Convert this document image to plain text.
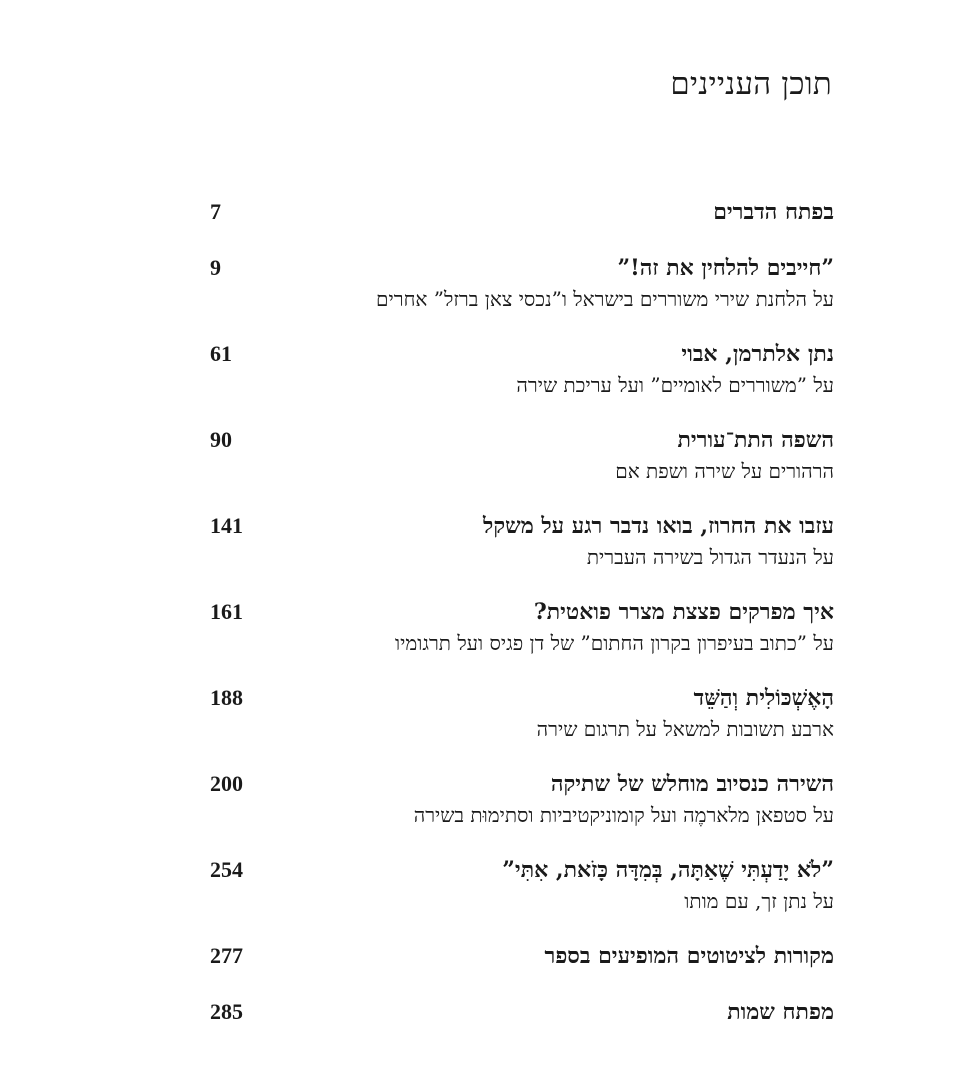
תוכן העניינים
בפתח הדברים
7
”חייבים להלחין את זה!”
על הלחנת שירי משוררים בישראל ו”נכסי צאן ברזל” אחרים
9
נתן אלתרמן, אבוי
על ”משוררים לאומיים” ועל עריכת שירה
61
השפה התת־עורית
הרהורים על שירה ושפת אם
90
עזבו את החרוז, בואו נדבר רגע על משקל
על הנעדר הגדול בשירה העברית
141
איך מפרקים פצצת מצרר פואטית?
על ”כתוב בעיפרון בקרון החתום” של דן פגיס ועל תרגומיו
161
הָאֶשְׁכּוֹלִית וְהַשֵּׁד
ארבע תשובות למשאל על תרגום שירה
188
השירה כנסיוב מוחלש של שתיקה
על סטפאן מלארמֶה ועל קומוניקטיביות וסתימוּת בשירה
200
”לֹא יָדַעְתִּי שֶׁאַתָּה, בְּמִדָּה כָּזֹאת, אִתִּי”
על נתן זך, עם מותו
254
מקורות לציטוטים המופיעים בספר
277
מפתח שמות
285
